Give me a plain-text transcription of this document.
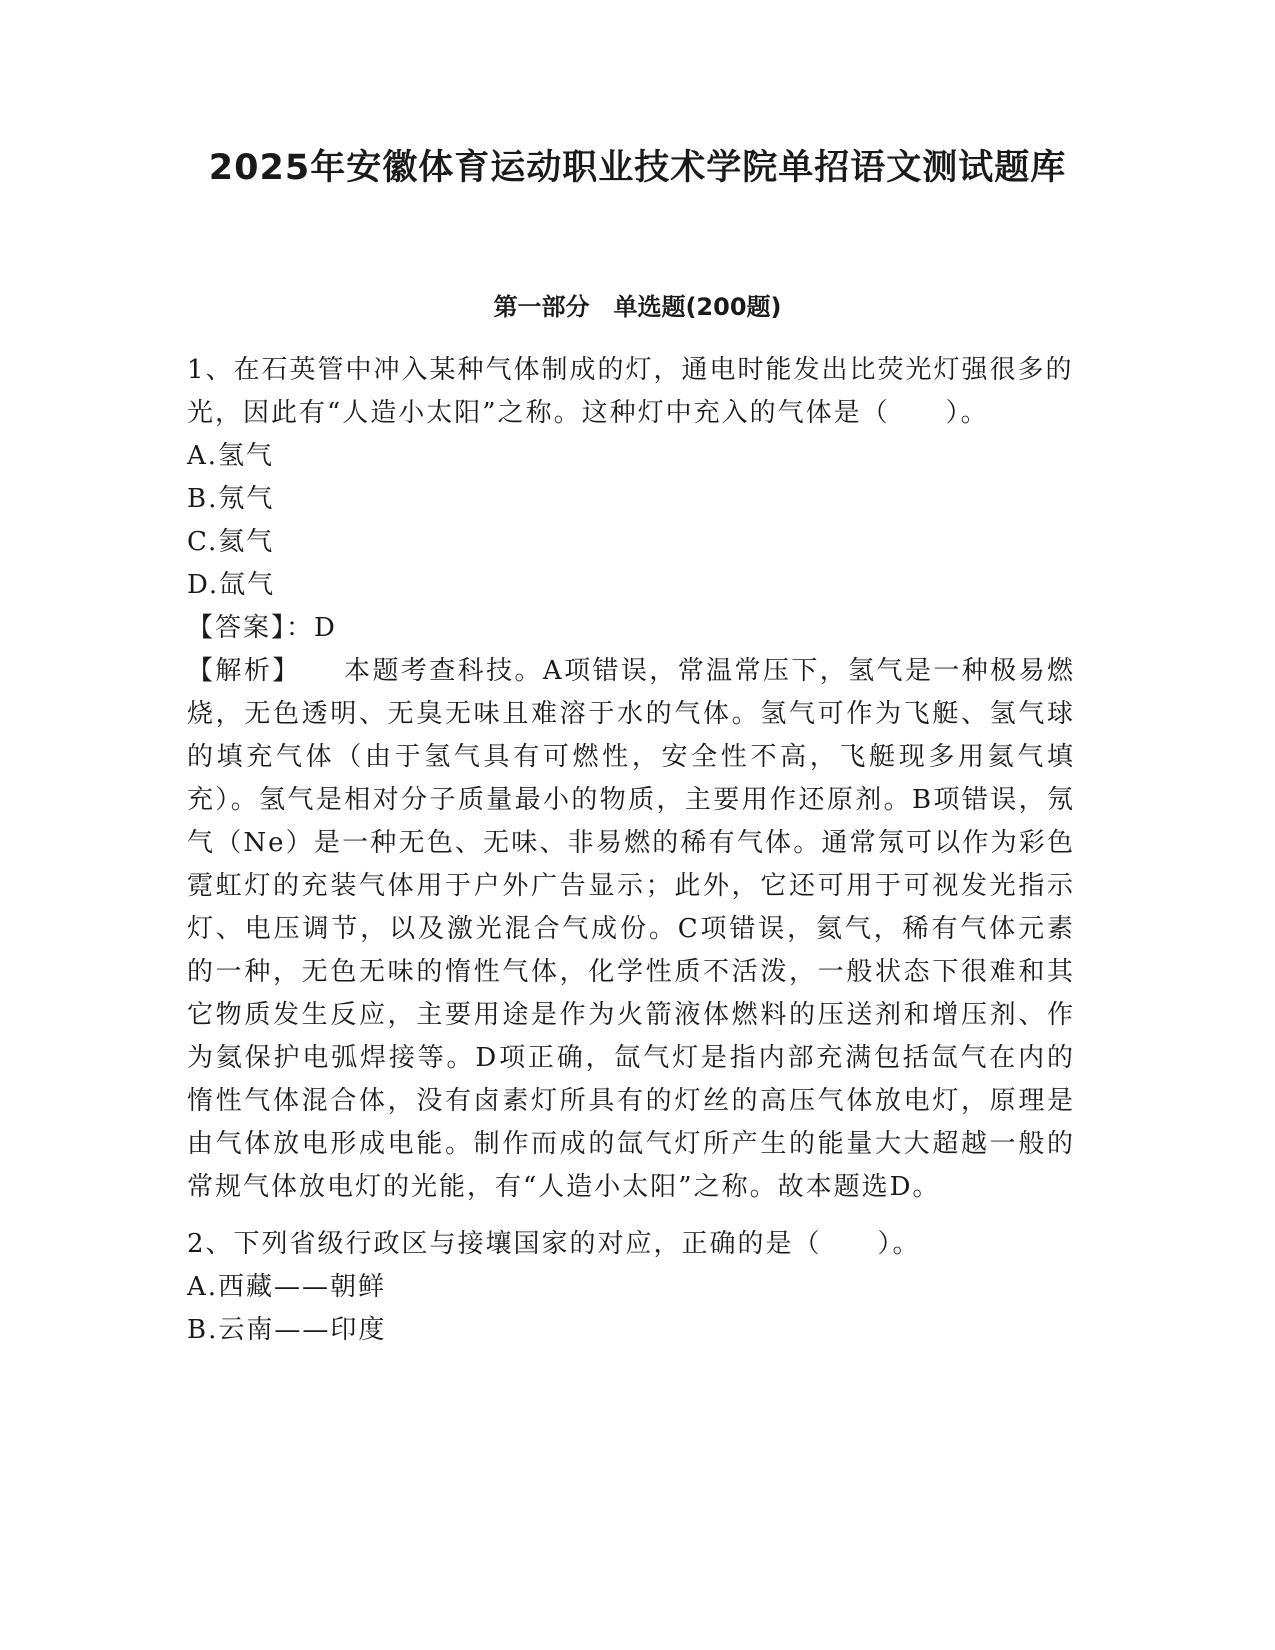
2025年安徽体育运动职业技术学院单招语文测试题库
第一部分　单选题(200题)

1、在石英管中冲入某种气体制成的灯，通电时能发出比荧光灯强很多的光，因此有“人造小太阳”之称。这种灯中充入的气体是（　　）。

A.氢气

B.氖气

C.氦气

D.氙气

【答案】：D

【解析】   本题考查科技。A项错误，常温常压下，氢气是一种极易燃烧，无色透明、无臭无味且难溶于水的气体。氢气可作为飞艇、氢气球的填充气体（由于氢气具有可燃性，安全性不高，飞艇现多用氦气填充）。氢气是相对分子质量最小的物质，主要用作还原剂。B项错误，氖气（Ne）是一种无色、无味、非易燃的稀有气体。通常氖可以作为彩色霓虹灯的充装气体用于户外广告显示；此外，它还可用于可视发光指示灯、电压调节，以及激光混合气成份。C项错误，氦气，稀有气体元素的一种，无色无味的惰性气体，化学性质不活泼，一般状态下很难和其它物质发生反应，主要用途是作为火箭液体燃料的压送剂和增压剂、作为氦保护电弧焊接等。D项正确，氙气灯是指内部充满包括氙气在内的惰性气体混合体，没有卤素灯所具有的灯丝的高压气体放电灯，原理是由气体放电形成电能。制作而成的氙气灯所产生的能量大大超越一般的常规气体放电灯的光能，有“人造小太阳”之称。故本题选D。

2、下列省级行政区与接壤国家的对应，正确的是（　　）。

A.西藏——朝鲜

B.云南——印度
